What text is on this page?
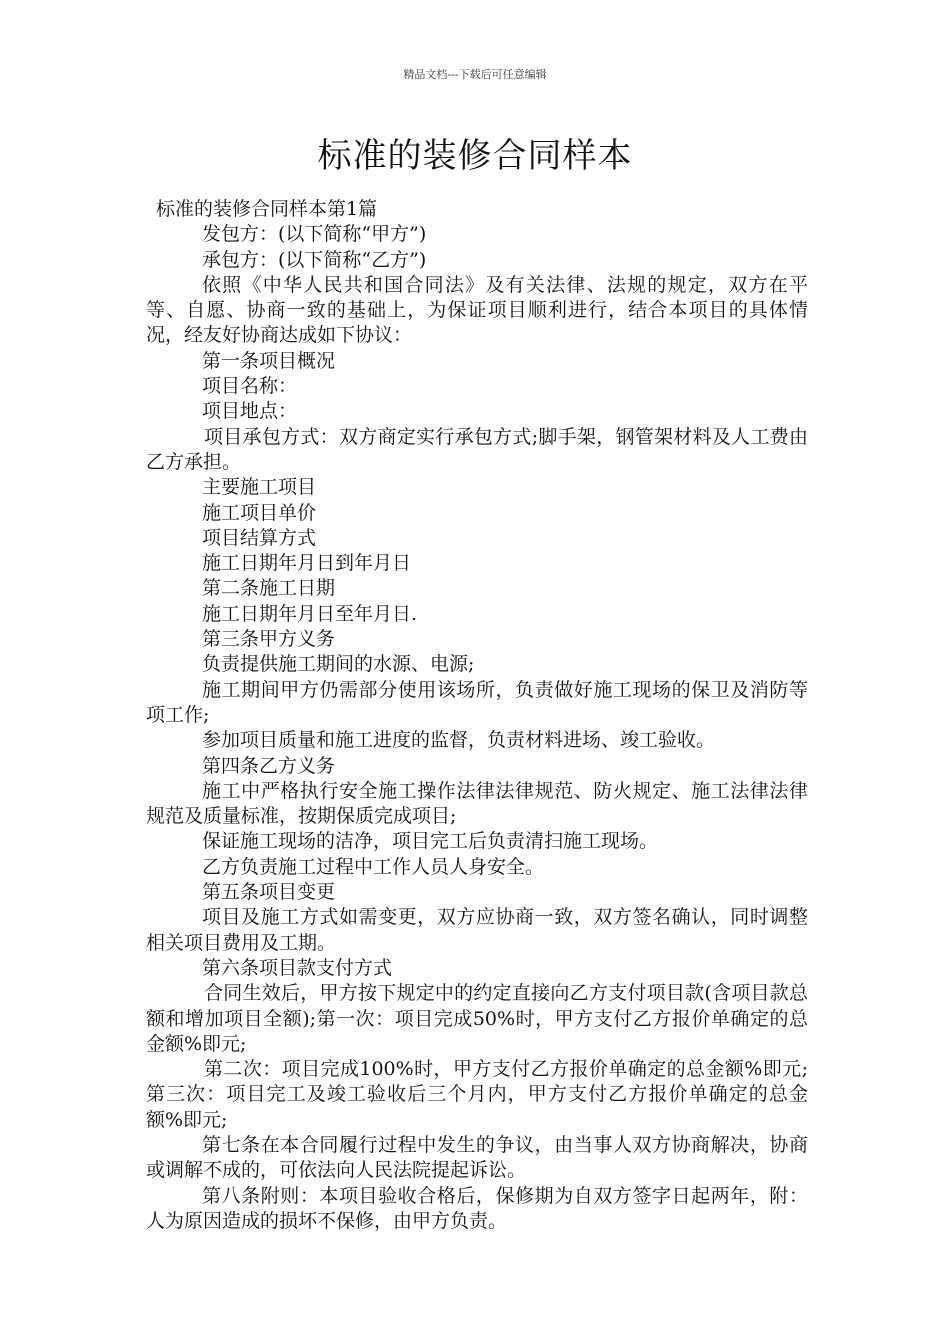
精品文档---下载后可任意编辑
标准的装修合同样本

标准的装修合同样本第1篇

发包方：(以下简称“甲方”)

承包方：(以下简称“乙方”)

依照《中华人民共和国合同法》及有关法律、法规的规定，双方在平等、自愿、协商一致的基础上，为保证项目顺利进行，结合本项目的具体情况，经友好协商达成如下协议：

第一条项目概况

项目名称：

项目地点：

项目承包方式：双方商定实行承包方式;脚手架，钢管架材料及人工费由乙方承担。

主要施工项目

施工项目单价

项目结算方式

施工日期年月日到年月日

第二条施工日期

施工日期年月日至年月日.

第三条甲方义务

负责提供施工期间的水源、电源;

施工期间甲方仍需部分使用该场所，负责做好施工现场的保卫及消防等项工作;

参加项目质量和施工进度的监督，负责材料进场、竣工验收。

第四条乙方义务

施工中严格执行安全施工操作法律法律规范、防火规定、施工法律法律规范及质量标准，按期保质完成项目;

保证施工现场的洁净，项目完工后负责清扫施工现场。

乙方负责施工过程中工作人员人身安全。

第五条项目变更

项目及施工方式如需变更，双方应协商一致，双方签名确认，同时调整相关项目费用及工期。

第六条项目款支付方式

合同生效后，甲方按下规定中的约定直接向乙方支付项目款(含项目款总额和增加项目全额);第一次：项目完成50%时，甲方支付乙方报价单确定的总金额%即元;

第二次：项目完成100%时，甲方支付乙方报价单确定的总金额%即元;第三次：项目完工及竣工验收后三个月内，甲方支付乙方报价单确定的总金额%即元;

第七条在本合同履行过程中发生的争议，由当事人双方协商解决，协商或调解不成的，可依法向人民法院提起诉讼。

第八条附则：本项目验收合格后，保修期为自双方签字日起两年，附：人为原因造成的损坏不保修，由甲方负责。
